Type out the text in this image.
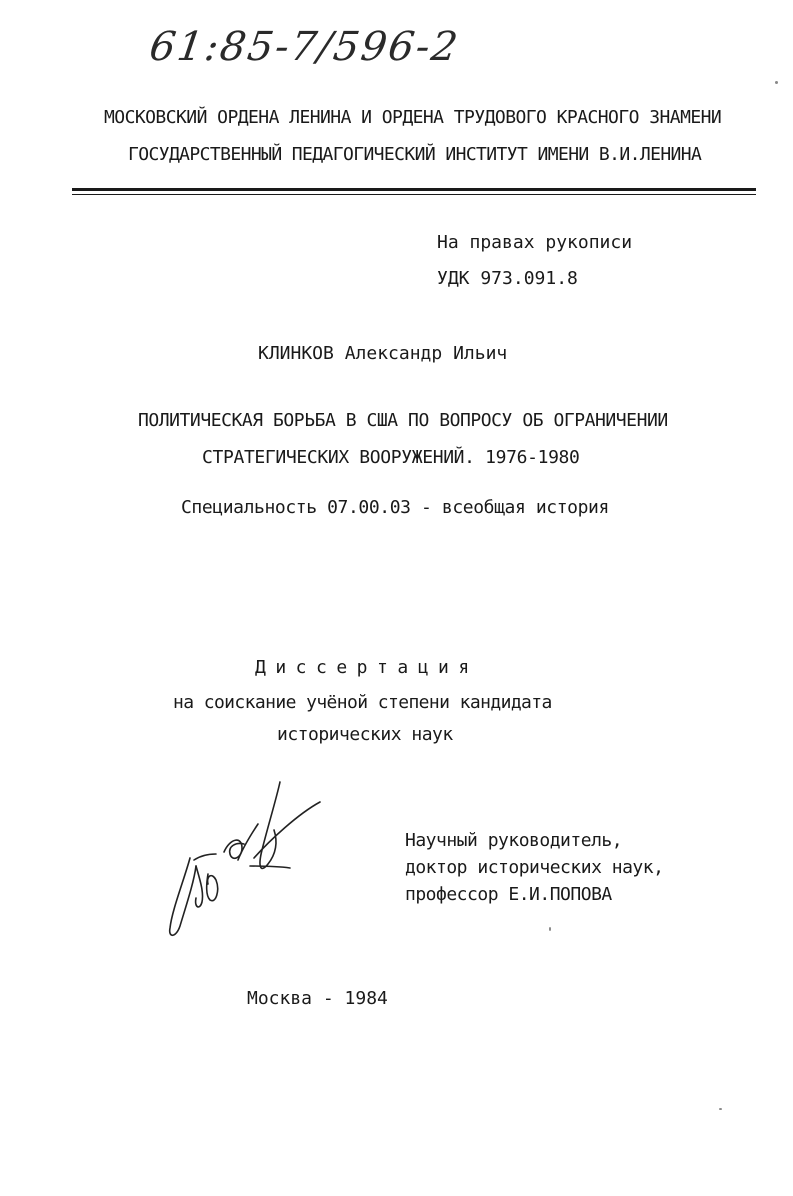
61:85-7/596-2
МОСКОВСКИЙ ОРДЕНА ЛЕНИНА И ОРДЕНА ТРУДОВОГО КРАСНОГО ЗНАМЕНИ
ГОСУДАРСТВЕННЫЙ ПЕДАГОГИЧЕСКИЙ ИНСТИТУТ ИМЕНИ В.И.ЛЕНИНА
На правах рукописи
УДК 973.091.8
КЛИНКОВ Александр Ильич
ПОЛИТИЧЕСКАЯ БОРЬБА В США ПО ВОПРОСУ ОБ ОГРАНИЧЕНИИ
СТРАТЕГИЧЕСКИХ ВООРУЖЕНИЙ. 1976-1980
Специальность 07.00.03 - всеобщая история
Диссертация
на соискание учёной степени кандидата
исторических наук
Научный руководитель,
доктор исторических наук,
профессор Е.И.ПОПОВА
Москва - 1984
